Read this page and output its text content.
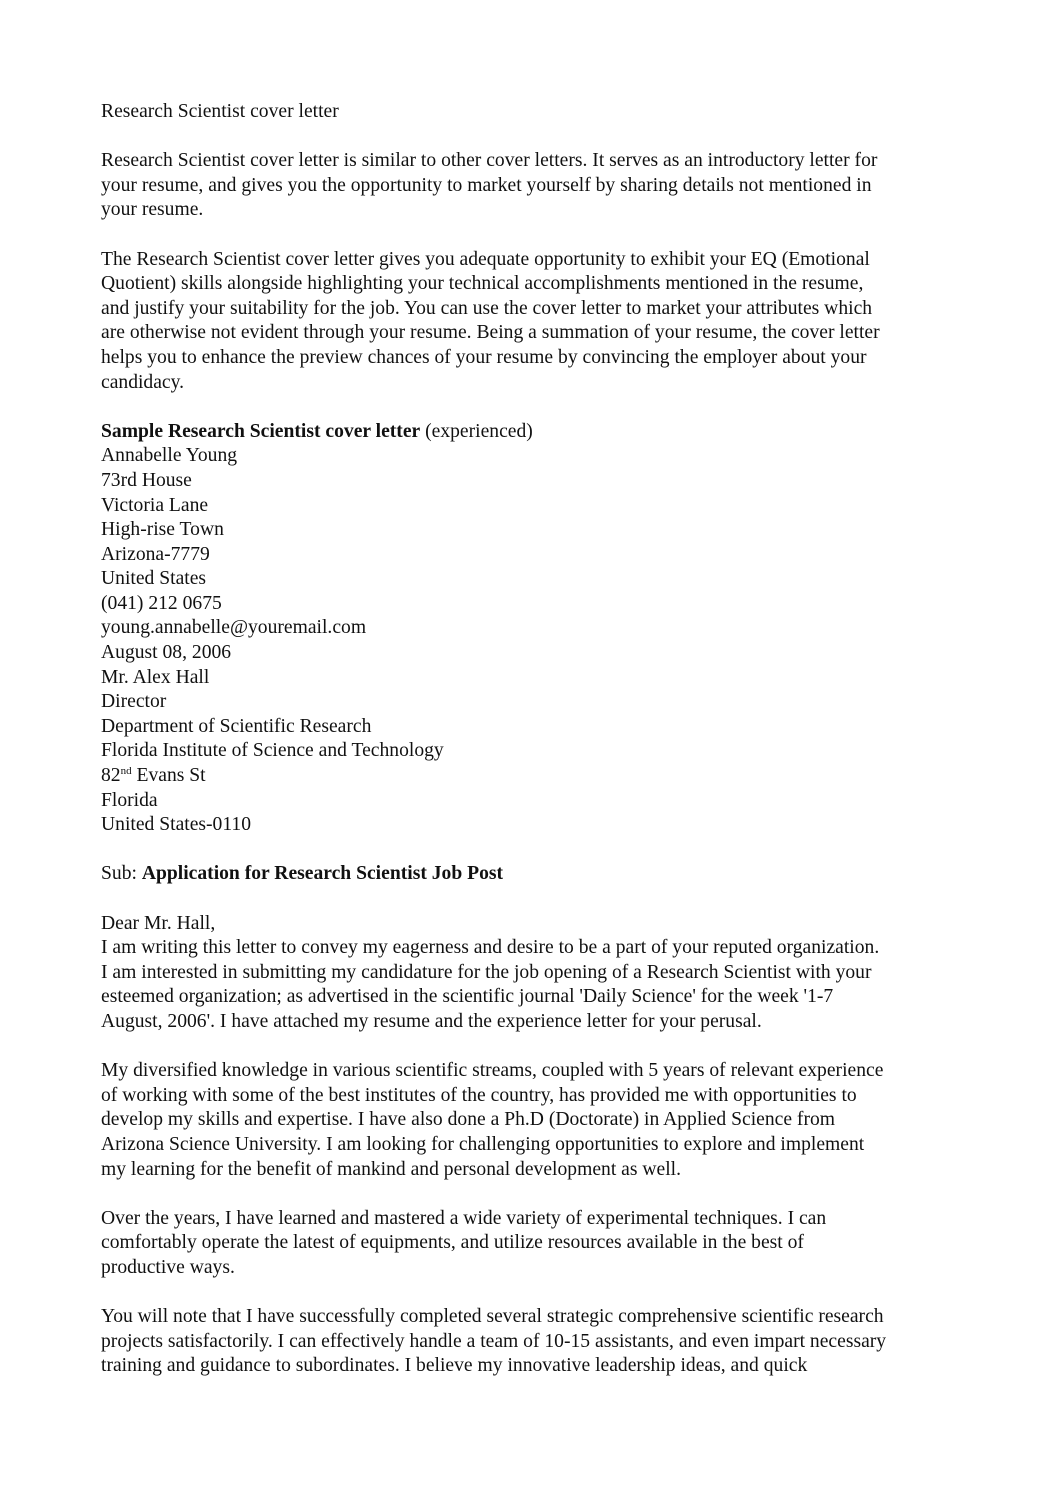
Research Scientist cover letter

Research Scientist cover letter is similar to other cover letters. It serves as an introductory letter for
your resume, and gives you the opportunity to market yourself by sharing details not mentioned in
your resume.

The Research Scientist cover letter gives you adequate opportunity to exhibit your EQ (Emotional
Quotient) skills alongside highlighting your technical accomplishments mentioned in the resume,
and justify your suitability for the job. You can use the cover letter to market your attributes which
are otherwise not evident through your resume. Being a summation of your resume, the cover letter
helps you to enhance the preview chances of your resume by convincing the employer about your
candidacy.

Sample Research Scientist cover letter (experienced)

Annabelle Young
73rd House
Victoria Lane
High-rise Town
Arizona-7779
United States
(041) 212 0675
young.annabelle@youremail.com
August 08, 2006
Mr. Alex Hall
Director
Department of Scientific Research
Florida Institute of Science and Technology
82nd Evans St
Florida
United States-0110

Sub: Application for Research Scientist Job Post

Dear Mr. Hall,

I am writing this letter to convey my eagerness and desire to be a part of your reputed organization.
I am interested in submitting my candidature for the job opening of a Research Scientist with your
esteemed organization; as advertised in the scientific journal 'Daily Science' for the week '1-7
August, 2006'. I have attached my resume and the experience letter for your perusal.

My diversified knowledge in various scientific streams, coupled with 5 years of relevant experience
of working with some of the best institutes of the country, has provided me with opportunities to
develop my skills and expertise. I have also done a Ph.D (Doctorate) in Applied Science from
Arizona Science University. I am looking for challenging opportunities to explore and implement
my learning for the benefit of mankind and personal development as well.

Over the years, I have learned and mastered a wide variety of experimental techniques. I can
comfortably operate the latest of equipments, and utilize resources available in the best of
productive ways.

You will note that I have successfully completed several strategic comprehensive scientific research
projects satisfactorily. I can effectively handle a team of 10-15 assistants, and even impart necessary
training and guidance to subordinates. I believe my innovative leadership ideas, and quick
